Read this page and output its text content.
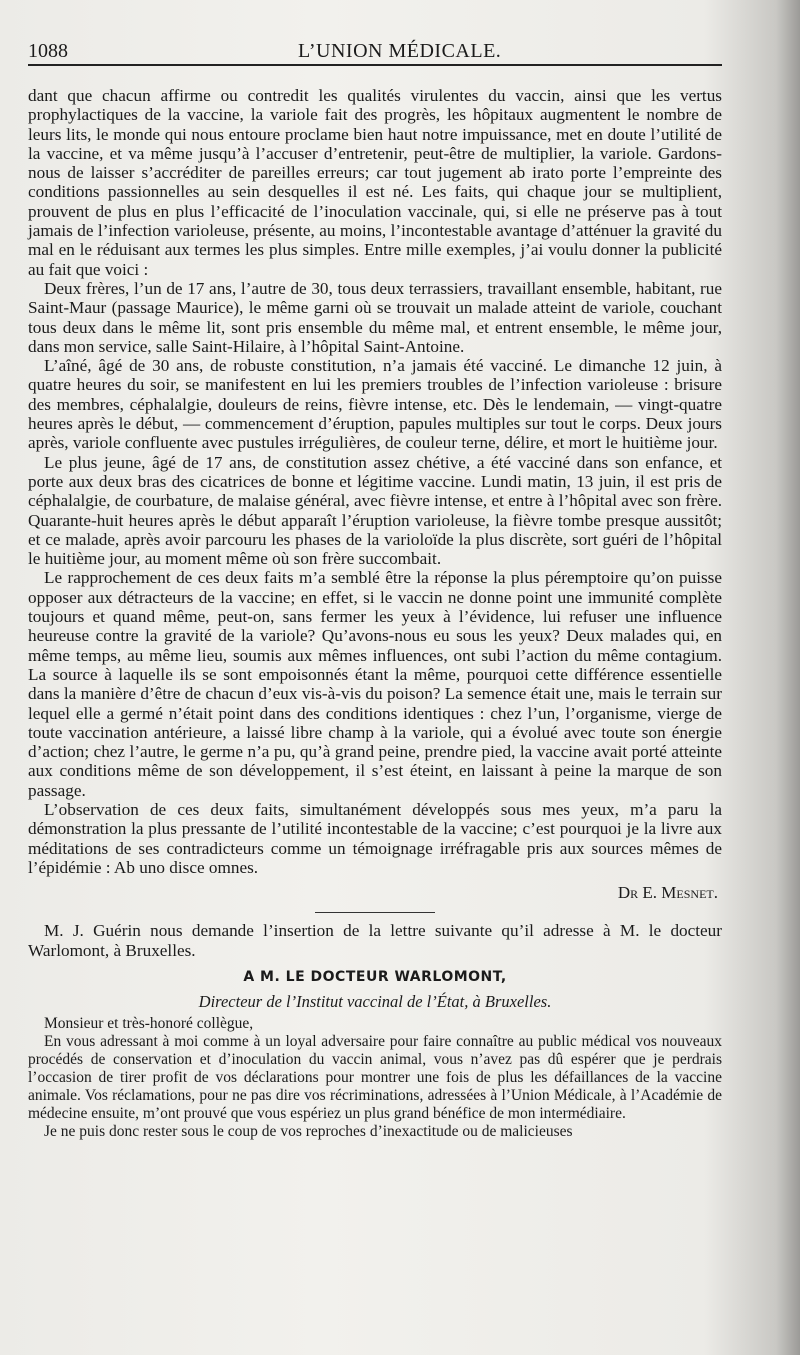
1088	L’UNION MÉDICALE.

dant que chacun affirme ou contredit les qualités virulentes du vaccin, ainsi que les vertus prophylactiques de la vaccine, la variole fait des progrès, les hôpitaux augmentent le nombre de leurs lits, le monde qui nous entoure proclame bien haut notre impuissance, met en doute l’utilité de la vaccine, et va même jusqu’à l’accuser d’entretenir, peut-être de multiplier, la variole. Gardons-nous de laisser s’accréditer de pareilles erreurs; car tout jugement ab irato porte l’empreinte des conditions passionnelles au sein desquelles il est né. Les faits, qui chaque jour se multiplient, prouvent de plus en plus l’efficacité de l’inoculation vaccinale, qui, si elle ne préserve pas à tout jamais de l’infection varioleuse, présente, au moins, l’incontestable avantage d’atténuer la gravité du mal en le réduisant aux termes les plus simples. Entre mille exemples, j’ai voulu donner la publicité au fait que voici :

Deux frères, l’un de 17 ans, l’autre de 30, tous deux terrassiers, travaillant ensemble, habitant, rue Saint-Maur (passage Maurice), le même garni où se trouvait un malade atteint de variole, couchant tous deux dans le même lit, sont pris ensemble du même mal, et entrent ensemble, le même jour, dans mon service, salle Saint-Hilaire, à l’hôpital Saint-Antoine.

L’aîné, âgé de 30 ans, de robuste constitution, n’a jamais été vacciné. Le dimanche 12 juin, à quatre heures du soir, se manifestent en lui les premiers troubles de l’infection varioleuse : brisure des membres, céphalalgie, douleurs de reins, fièvre intense, etc. Dès le lendemain, — vingt-quatre heures après le début, — commencement d’éruption, papules multiples sur tout le corps. Deux jours après, variole confluente avec pustules irrégulières, de couleur terne, délire, et mort le huitième jour.

Le plus jeune, âgé de 17 ans, de constitution assez chétive, a été vacciné dans son enfance, et porte aux deux bras des cicatrices de bonne et légitime vaccine. Lundi matin, 13 juin, il est pris de céphalalgie, de courbature, de malaise général, avec fièvre intense, et entre à l’hôpital avec son frère. Quarante-huit heures après le début apparaît l’éruption varioleuse, la fièvre tombe presque aussitôt; et ce malade, après avoir parcouru les phases de la varioloïde la plus discrète, sort guéri de l’hôpital le huitième jour, au moment même où son frère succombait.

Le rapprochement de ces deux faits m’a semblé être la réponse la plus péremptoire qu’on puisse opposer aux détracteurs de la vaccine; en effet, si le vaccin ne donne point une immunité complète toujours et quand même, peut-on, sans fermer les yeux à l’évidence, lui refuser une influence heureuse contre la gravité de la variole? Qu’avons-nous eu sous les yeux? Deux malades qui, en même temps, au même lieu, soumis aux mêmes influences, ont subi l’action du même contagium. La source à laquelle ils se sont empoisonnés étant la même, pourquoi cette différence essentielle dans la manière d’être de chacun d’eux vis-à-vis du poison? La semence était une, mais le terrain sur lequel elle a germé n’était point dans des conditions identiques : chez l’un, l’organisme, vierge de toute vaccination antérieure, a laissé libre champ à la variole, qui a évolué avec toute son énergie d’action; chez l’autre, le germe n’a pu, qu’à grand peine, prendre pied, la vaccine avait porté atteinte aux conditions même de son développement, il s’est éteint, en laissant à peine la marque de son passage.

L’observation de ces deux faits, simultanément développés sous mes yeux, m’a paru la démonstration la plus pressante de l’utilité incontestable de la vaccine; c’est pourquoi je la livre aux méditations de ses contradicteurs comme un témoignage irréfragable pris aux sources mêmes de l’épidémie : Ab uno disce omnes.

Dr E. Mesnet.

M. J. Guérin nous demande l’insertion de la lettre suivante qu’il adresse à M. le docteur Warlomont, à Bruxelles.

A M. LE DOCTEUR WARLOMONT,
Directeur de l’Institut vaccinal de l’État, à Bruxelles.

Monsieur et très-honoré collègue,

En vous adressant à moi comme à un loyal adversaire pour faire connaître au public médical vos nouveaux procédés de conservation et d’inoculation du vaccin animal, vous n’avez pas dû espérer que je perdrais l’occasion de tirer profit de vos déclarations pour montrer une fois de plus les défaillances de la vaccine animale. Vos réclamations, pour ne pas dire vos récriminations, adressées à l’Union Médicale, à l’Académie de médecine ensuite, m’ont prouvé que vous espériez un plus grand bénéfice de mon intermédiaire.

Je ne puis donc rester sous le coup de vos reproches d’inexactitude ou de malicieuses
